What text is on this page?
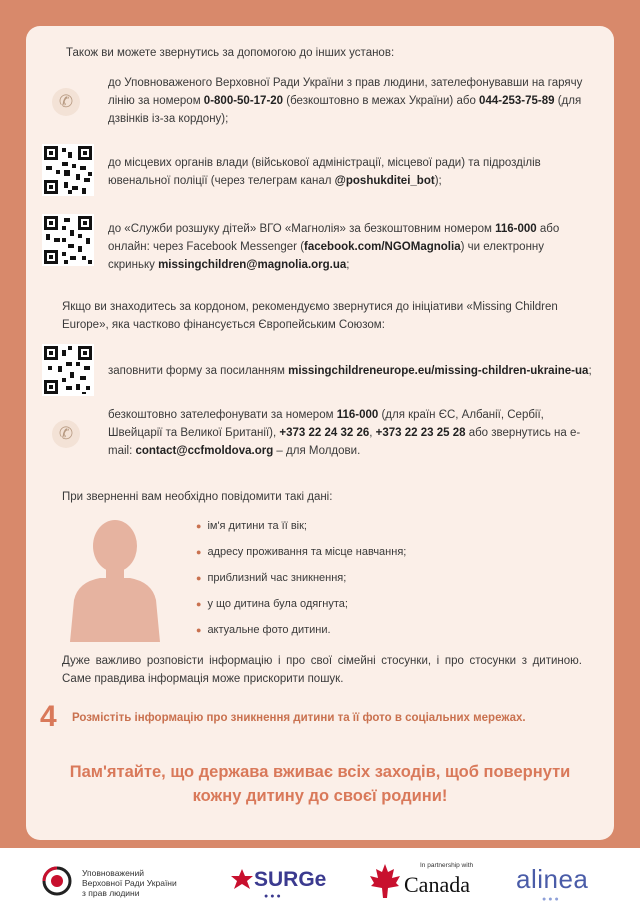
Також ви можете звернутись за допомогою до інших установ:
✆
до Уповноваженого Верховної Ради України з прав людини, зателефонувавши на гарячу лінію за номером 0-800-50-17-20 (безкоштовно в межах України) або 044-253-75-89 (для дзвінків із-за кордону);
до місцевих органів влади (військової адміністрації, місцевої ради) та підрозділів ювенальної поліції (через телеграм канал @poshukditei_bot);
до «Служби розшуку дітей» ВГО «Магнолія» за безкоштовним номером 116-000 або онлайн: через Facebook Messenger (facebook.com/NGOMagnolia) чи електронну скриньку missingchildren@magnolia.org.ua;
Якщо ви знаходитесь за кордоном, рекомендуємо звернутися до ініціативи «Missing Children Europe», яка частково фінансується Європейським Союзом:
заповнити форму за посиланням missingchildreneurope.eu/missing-children-ukraine-ua;
✆
безкоштовно зателефонувати за номером 116-000 (для країн ЄС, Албанії, Сербії, Швейцарії та Великої Британії), +373 22 24 32 26, +373 22 23 25 28 або звернутись на e-mail: contact@ccfmoldova.org – для Молдови.
При зверненні вам необхідно повідомити такі дані:
● ім'я дитини та її вік;
● адресу проживання та місце навчання;
● приблизний час зникнення;
● у що дитина була одягнута;
● актуальне фото дитини.
Дуже важливо розповісти інформацію і про свої сімейні стосунки, і про стосунки з дитиною. Саме правдива інформація може прискорити пошук.
4 Розмістіть інформацію про зникнення дитини та її фото в соціальних мережах.
Пам'ятайте, що держава вживає всіх заходів, щоб повернути кожну дитину до своєї родини!
Уповноважений
Верховної Ради України
з прав людини
SURGe
●●●
In partnership with
Canada alinea
●●●
